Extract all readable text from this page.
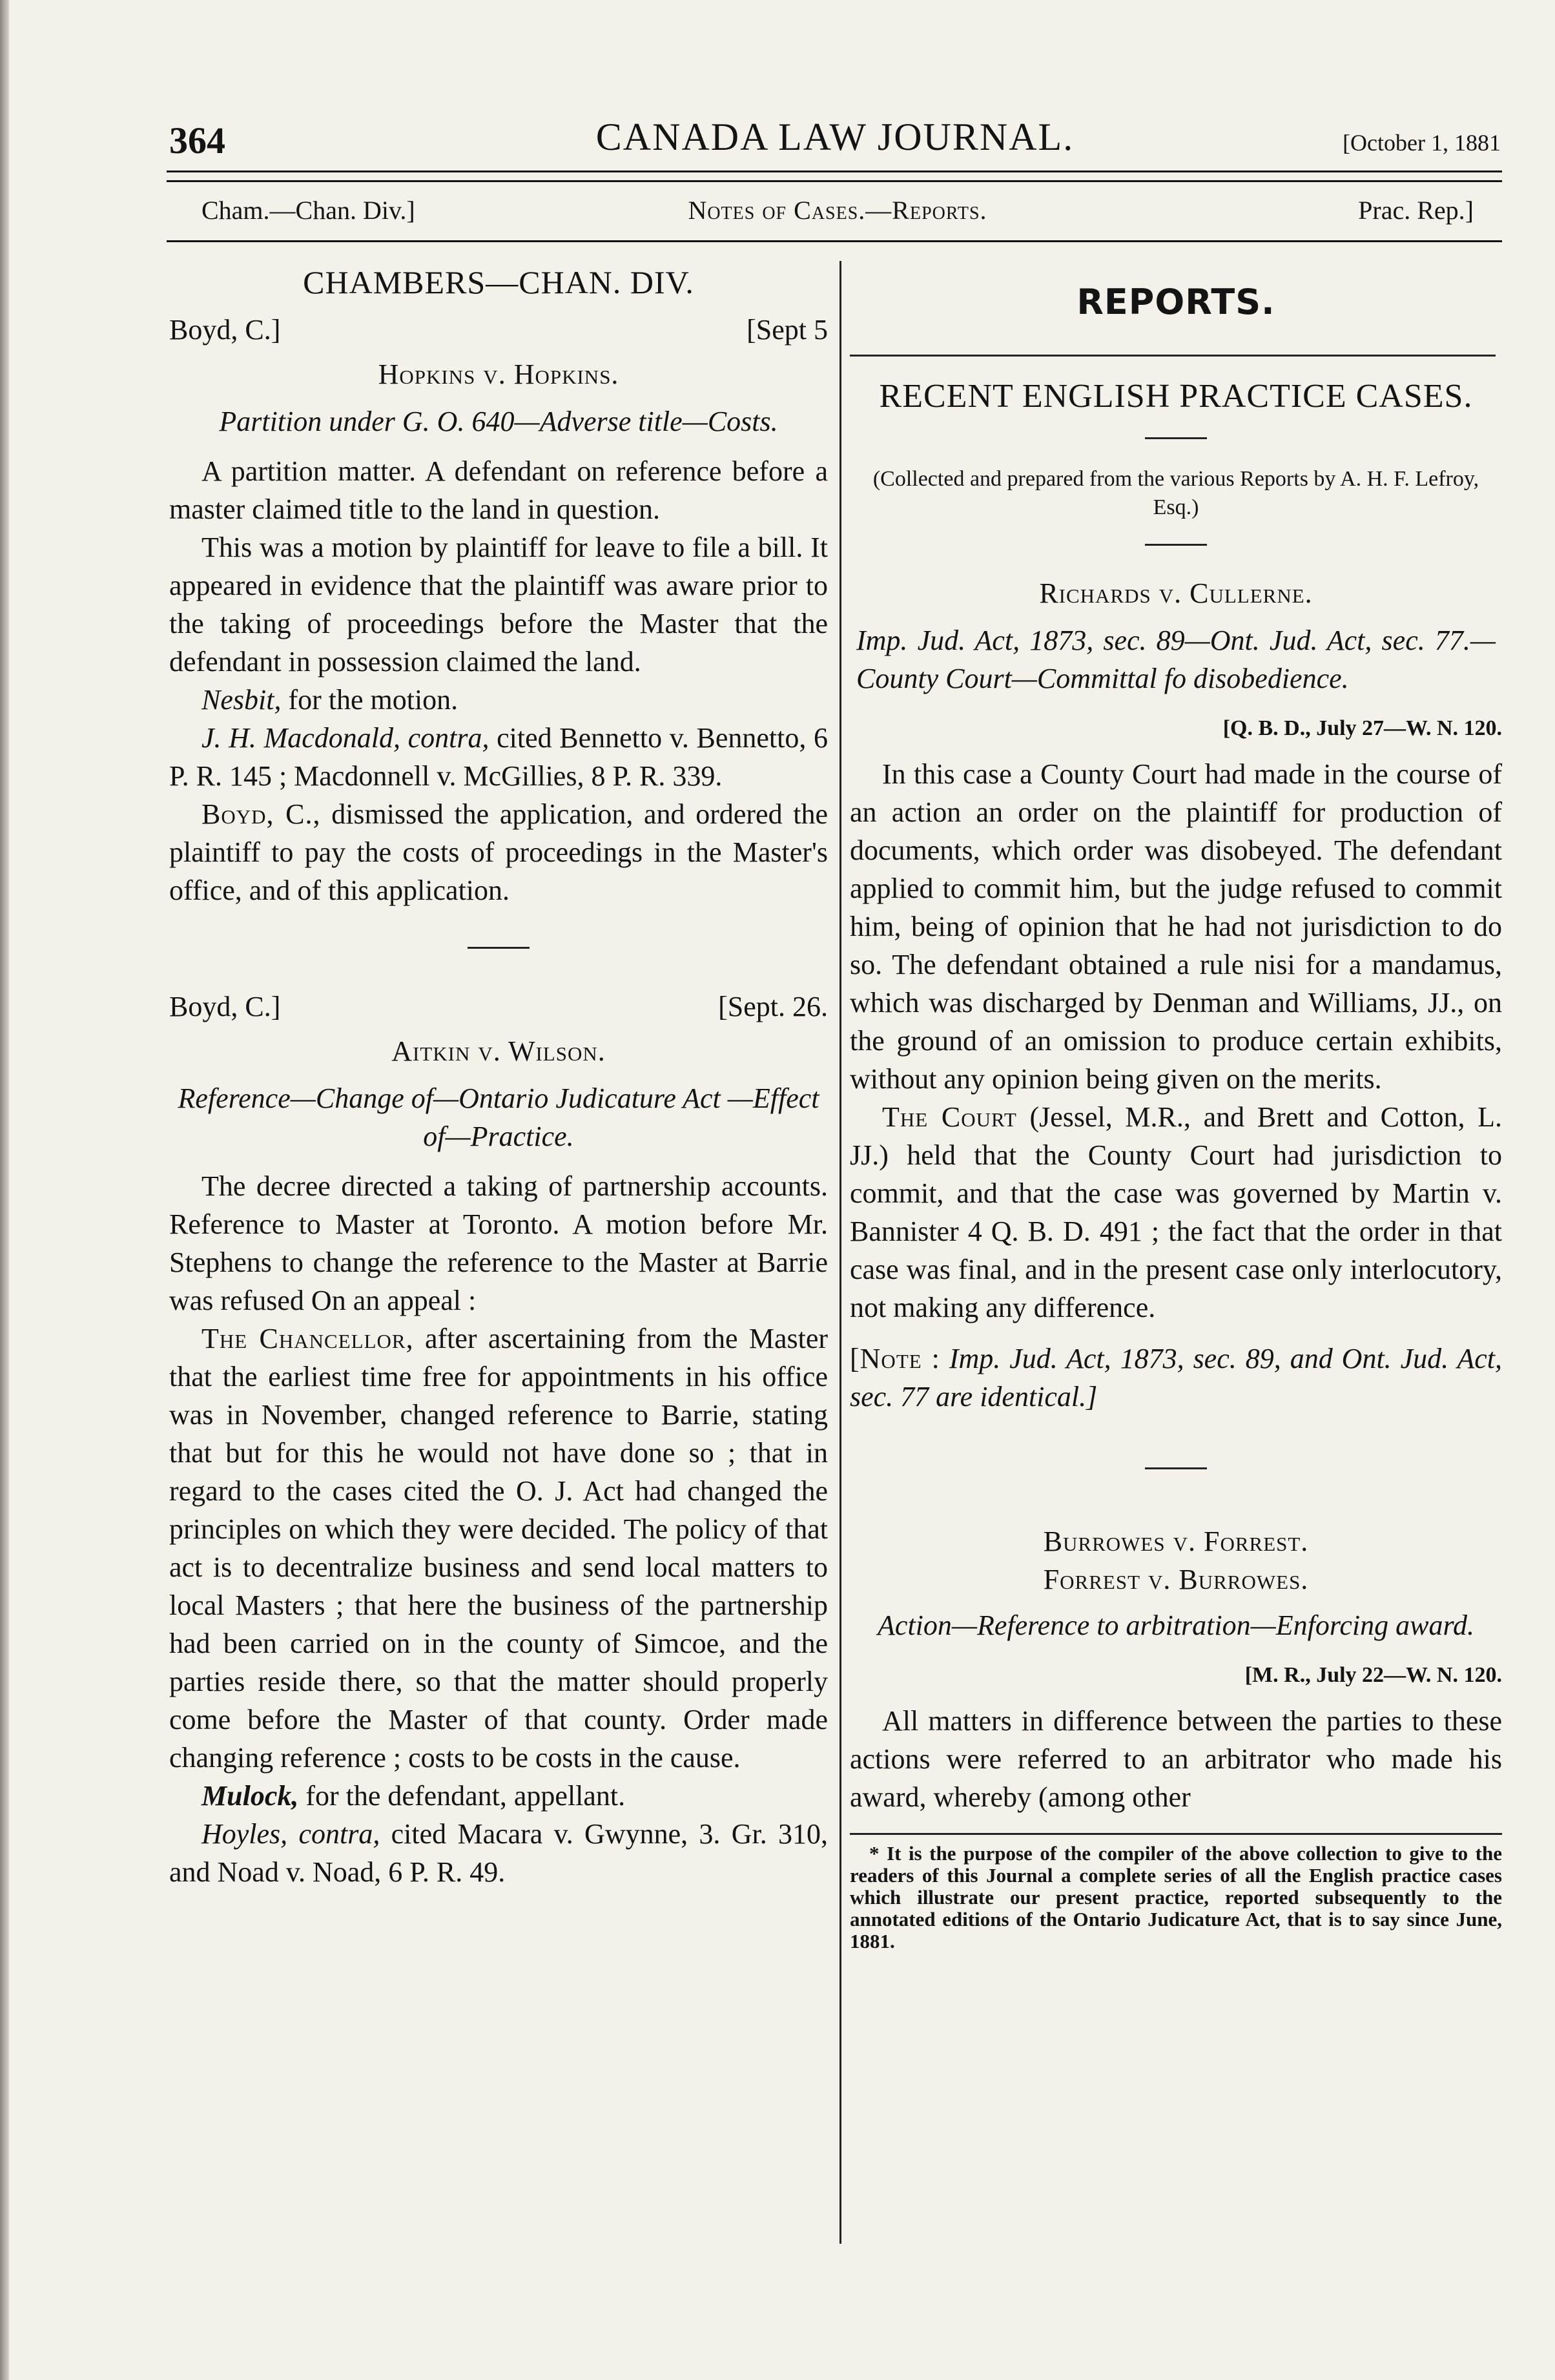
364	CANADA LAW JOURNAL.	[October 1, 1881
Cham.—Chan. Div.]	Notes of Cases.—Reports.	Prac. Rep.]
CHAMBERS—CHAN. DIV.
Boyd, C.]	[Sept 5
Hopkins v. Hopkins.
Partition under G. O. 640—Adverse title—Costs.

A partition matter. A defendant on reference before a master claimed title to the land in question.

This was a motion by plaintiff for leave to file a bill. It appeared in evidence that the plaintiff was aware prior to the taking of proceedings before the Master that the defendant in possession claimed the land.

Nesbit, for the motion.

J. H. Macdonald, contra, cited Bennetto v. Bennetto, 6 P. R. 145 ; Macdonnell v. McGillies, 8 P. R. 339.

Boyd, C., dismissed the application, and ordered the plaintiff to pay the costs of proceedings in the Master's office, and of this application.

Boyd, C.]	[Sept. 26.
Aitkin v. Wilson.
Reference—Change of—Ontario Judicature Act —Effect of—Practice.

The decree directed a taking of partnership accounts. Reference to Master at Toronto. A motion before Mr. Stephens to change the reference to the Master at Barrie was refused On an appeal :

The Chancellor, after ascertaining from the Master that the earliest time free for appointments in his office was in November, changed reference to Barrie, stating that but for this he would not have done so ; that in regard to the cases cited the O. J. Act had changed the principles on which they were decided. The policy of that act is to decentralize business and send local matters to local Masters ; that here the business of the partnership had been carried on in the county of Simcoe, and the parties reside there, so that the matter should properly come before the Master of that county. Order made changing reference ; costs to be costs in the cause.

Mulock, for the defendant, appellant.

Hoyles, contra, cited Macara v. Gwynne, 3. Gr. 310, and Noad v. Noad, 6 P. R. 49.

REPORTS.
RECENT ENGLISH PRACTICE CASES.
(Collected and prepared from the various Reports by A. H. F. Lefroy, Esq.)
Richards v. Cullerne.
Imp. Jud. Act, 1873, sec. 89—Ont. Jud. Act, sec. 77.—County Court—Committal fo disobedience.
[Q. B. D., July 27—W. N. 120.

In this case a County Court had made in the course of an action an order on the plaintiff for production of documents, which order was disobeyed. The defendant applied to commit him, but the judge refused to commit him, being of opinion that he had not jurisdiction to do so. The defendant obtained a rule nisi for a mandamus, which was discharged by Denman and Williams, JJ., on the ground of an omission to produce certain exhibits, without any opinion being given on the merits.

The Court (Jessel, M.R., and Brett and Cotton, L. JJ.) held that the County Court had jurisdiction to commit, and that the case was governed by Martin v. Bannister 4 Q. B. D. 491 ; the fact that the order in that case was final, and in the present case only interlocutory, not making any difference.

[Note : Imp. Jud. Act, 1873, sec. 89, and Ont. Jud. Act, sec. 77 are identical.]

Burrowes v. Forrest.
Forrest v. Burrowes.
Action—Reference to arbitration—Enforcing award.
[M. R., July 22—W. N. 120.

All matters in difference between the parties to these actions were referred to an arbitrator who made his award, whereby (among other

* It is the purpose of the compiler of the above collection to give to the readers of this Journal a complete series of all the English practice cases which illustrate our present practice, reported subsequently to the annotated editions of the Ontario Judicature Act, that is to say since June, 1881.
